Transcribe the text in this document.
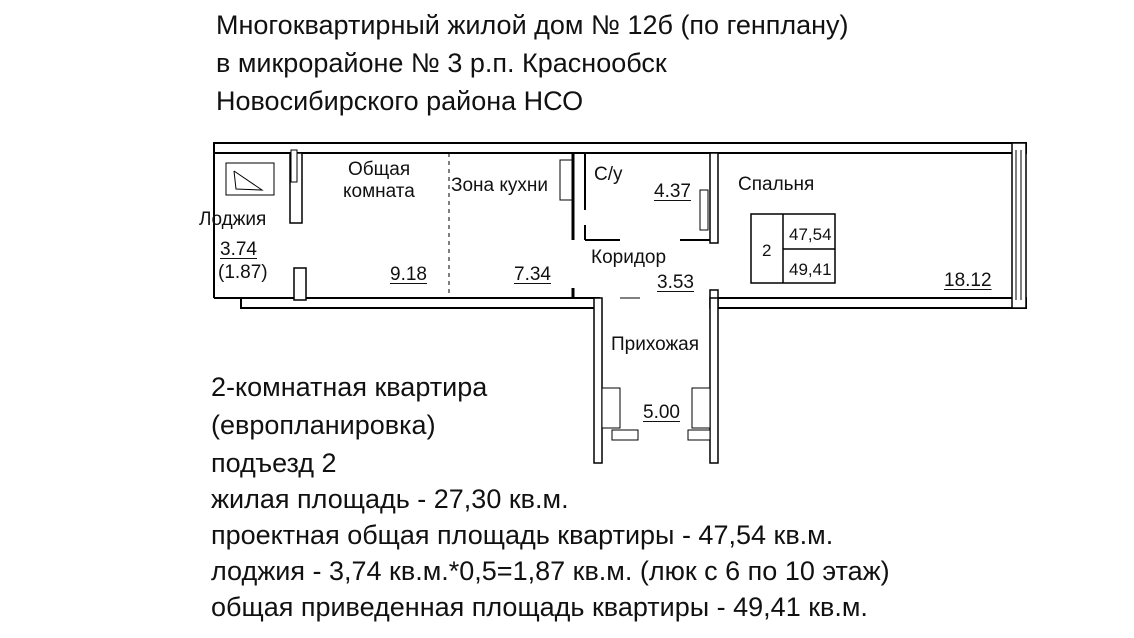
Многоквартирный жилой дом № 12б (по генплану)
в микрорайоне № 3 р.п. Краснообск
Новосибирского района НСО
Лоджия
3.74
(1.87)
Общая
комната
9.18
Зона кухни
7.34
С/у
4.37 Спальня
18.12
Коридор
3.53
Прихожая
5.00
2
47,54
49,41
2-комнатная квартира
(европланировка)
подъезд 2
жилая площадь - 27,30 кв.м.
проектная общая площадь квартиры - 47,54 кв.м.
лоджия - 3,74 кв.м.*0,5=1,87 кв.м. (люк с 6 по 10 этаж)
общая приведенная площадь квартиры - 49,41 кв.м.
